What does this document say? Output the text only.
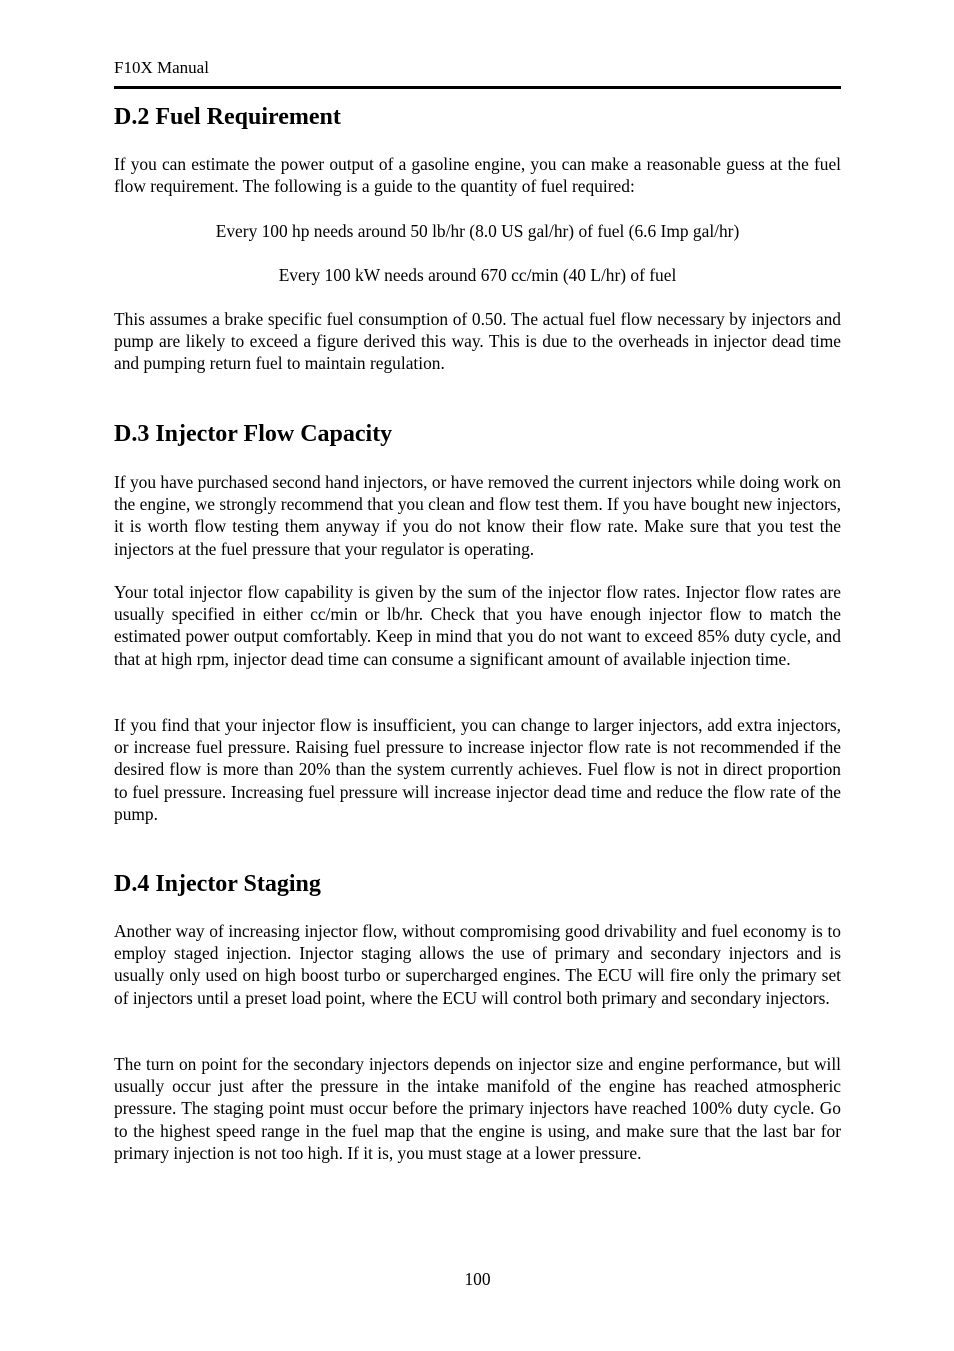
F10X Manual
D.2 Fuel Requirement

If you can estimate the power output of a gasoline engine, you can make a reasonable guess at the fuel flow requirement. The following is a guide to the quantity of fuel required:

Every 100 hp needs around 50 lb/hr (8.0 US gal/hr) of fuel (6.6 Imp gal/hr)

Every 100 kW needs around 670 cc/min (40 L/hr) of fuel

This assumes a brake specific fuel consumption of 0.50. The actual fuel flow necessary by injectors and pump are likely to exceed a figure derived this way. This is due to the overheads in injector dead time and pumping return fuel to maintain regulation.

D.3 Injector Flow Capacity

If you have purchased second hand injectors, or have removed the current injectors while doing work on the engine, we strongly recommend that you clean and flow test them. If you have bought new injectors, it is worth flow testing them anyway if you do not know their flow rate. Make sure that you test the injectors at the fuel pressure that your regulator is operating.

Your total injector flow capability is given by the sum of the injector flow rates. Injector flow rates are usually specified in either cc/min or lb/hr. Check that you have enough injector flow to match the estimated power output comfortably. Keep in mind that you do not want to exceed 85% duty cycle, and that at high rpm, injector dead time can consume a significant amount of available injection time.

If you find that your injector flow is insufficient, you can change to larger injectors, add extra injectors, or increase fuel pressure. Raising fuel pressure to increase injector flow rate is not recommended if the desired flow is more than 20% than the system currently achieves. Fuel flow is not in direct proportion to fuel pressure. Increasing fuel pressure will increase injector dead time and reduce the flow rate of the pump.

D.4 Injector Staging

Another way of increasing injector flow, without compromising good drivability and fuel economy is to employ staged injection. Injector staging allows the use of primary and secondary injectors and is usually only used on high boost turbo or supercharged engines. The ECU will fire only the primary set of injectors until a preset load point, where the ECU will control both primary and secondary injectors.

The turn on point for the secondary injectors depends on injector size and engine performance, but will usually occur just after the pressure in the intake manifold of the engine has reached atmospheric pressure. The staging point must occur before the primary injectors have reached 100% duty cycle. Go to the highest speed range in the fuel map that the engine is using, and make sure that the last bar for primary injection is not too high. If it is, you must stage at a lower pressure.

100
